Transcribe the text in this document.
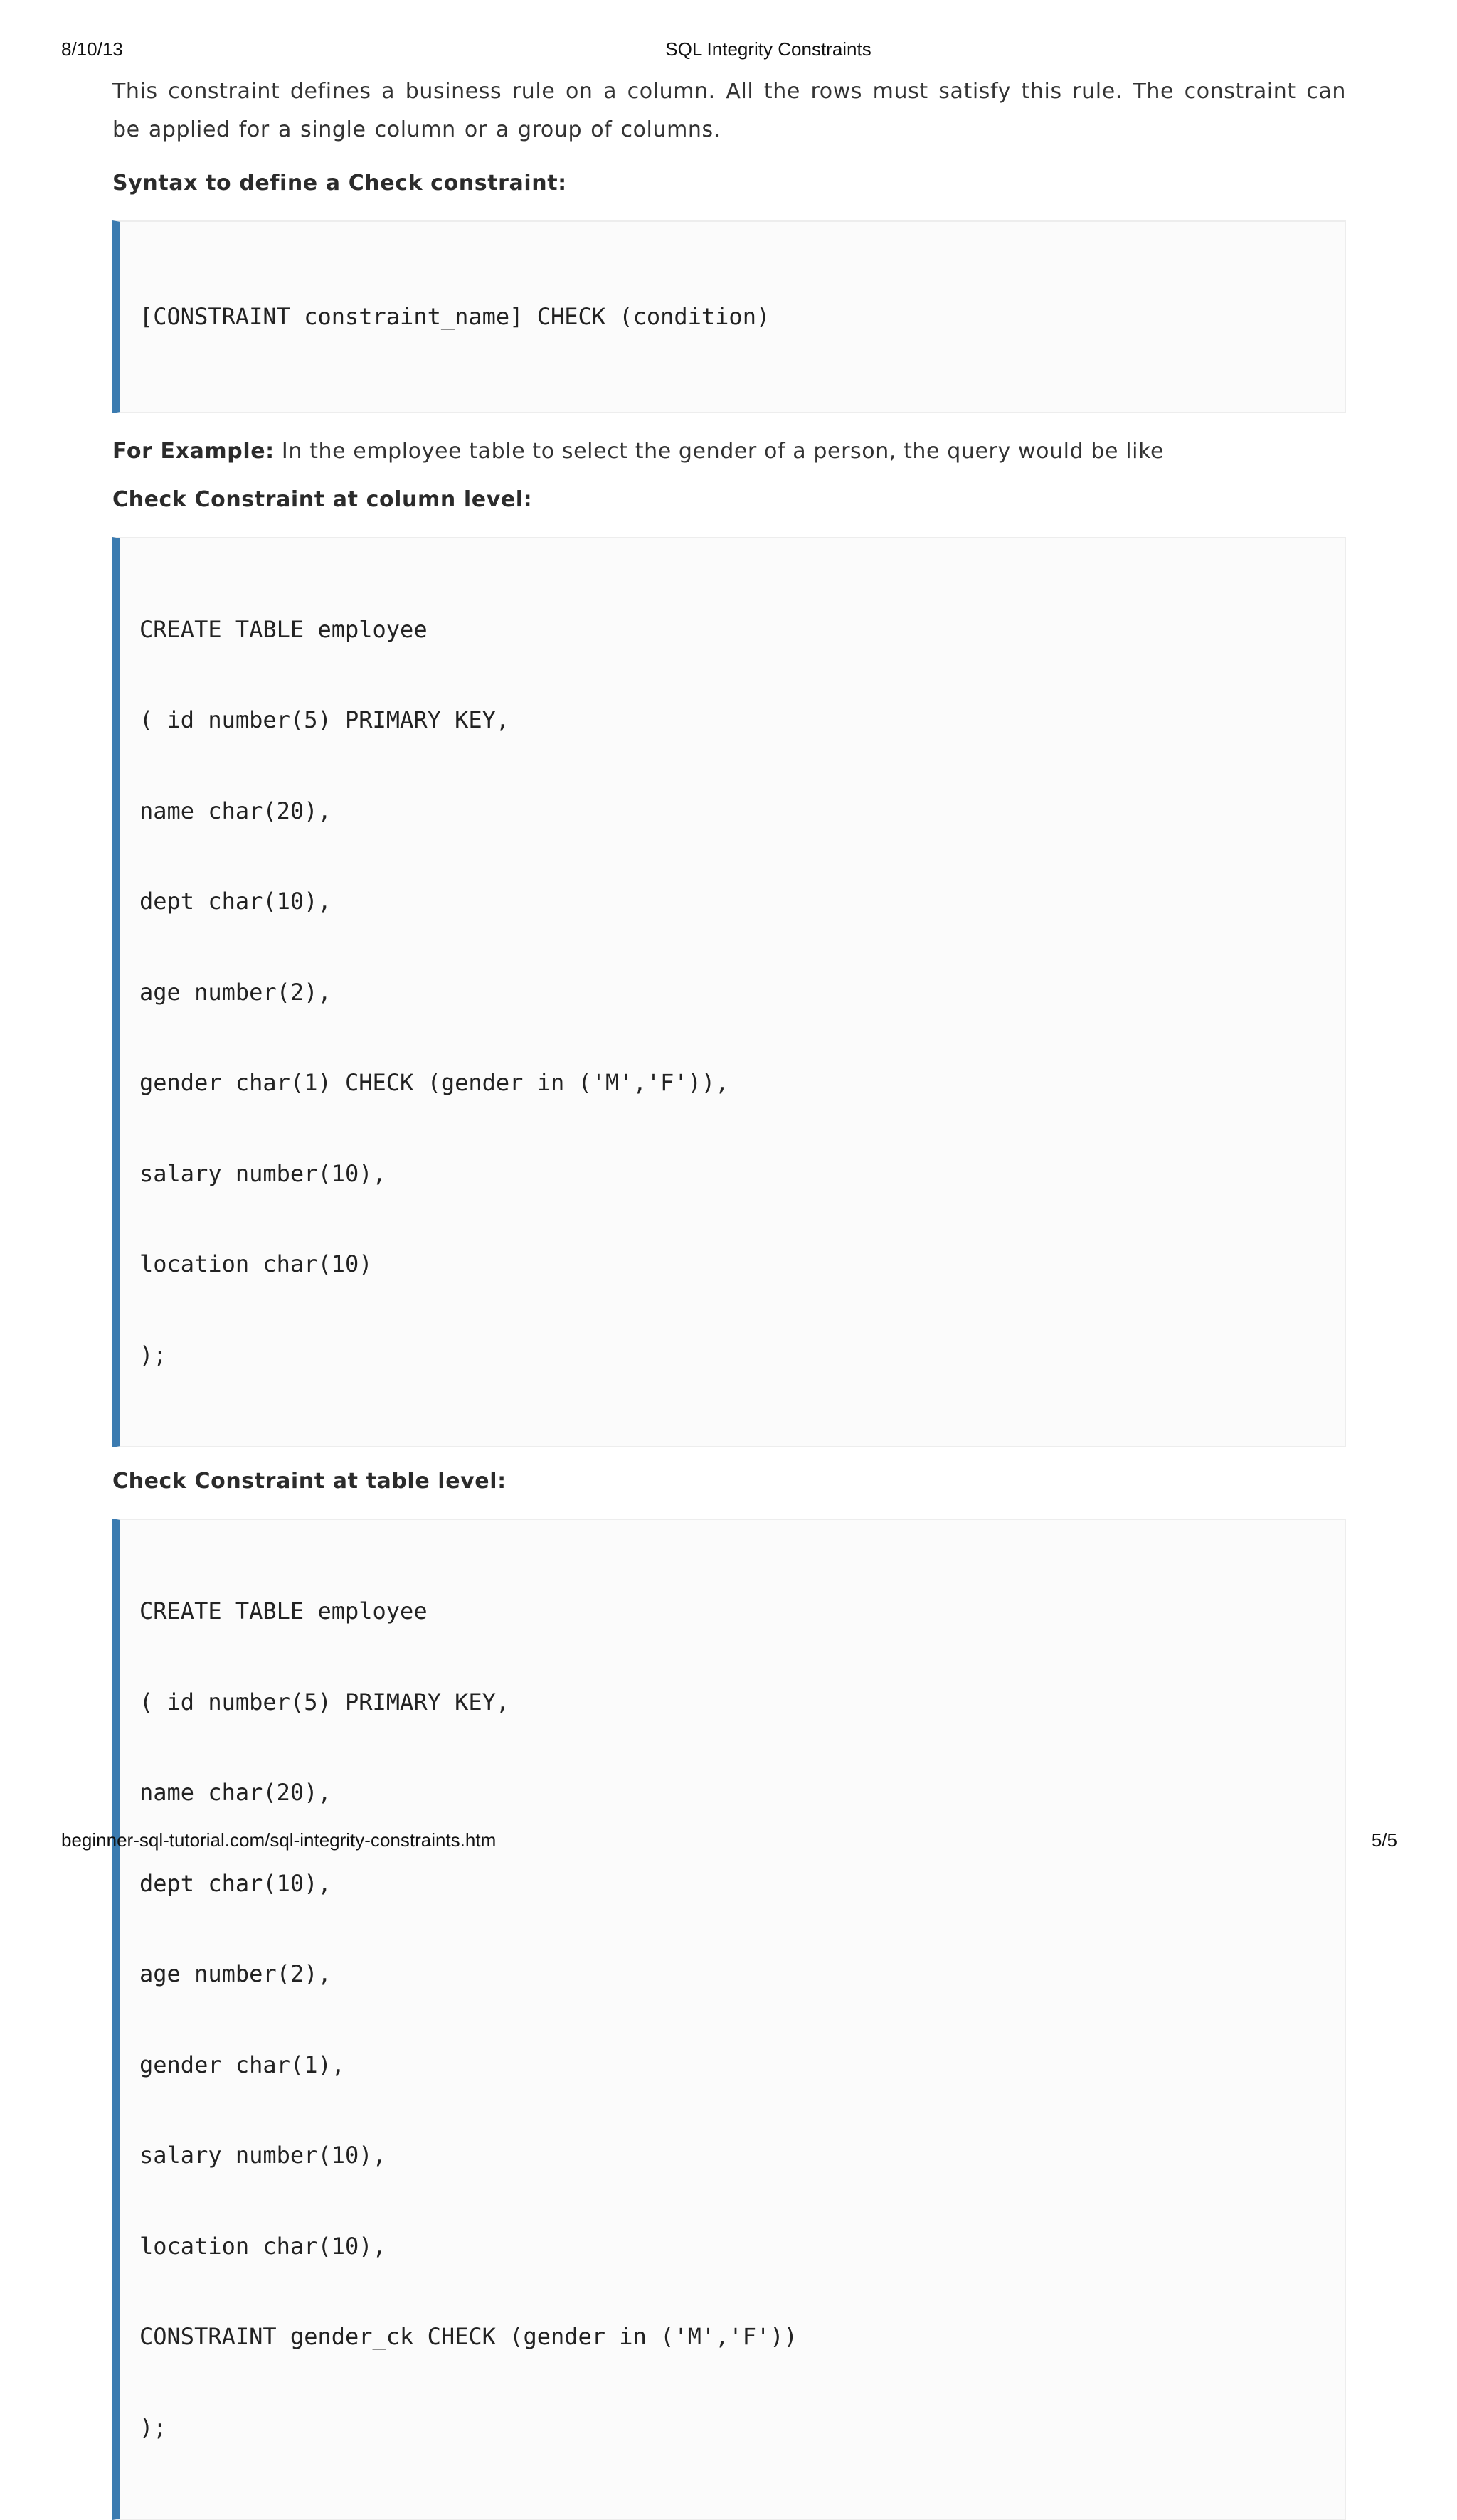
8/10/13	SQL Integrity Constraints

This constraint defines a business rule on a column. All the rows must satisfy this rule. The constraint can be applied for a single column or a group of columns.

Syntax to define a Check constraint:

[CONSTRAINT constraint_name] CHECK (condition)

For Example: In the employee table to select the gender of a person, the query would be like

Check Constraint at column level:

CREATE TABLE employee

( id number(5) PRIMARY KEY,

name char(20),

dept char(10),

age number(2),

gender char(1) CHECK (gender in ('M','F')),

salary number(10),

location char(10)

);

Check Constraint at table level:

CREATE TABLE employee

( id number(5) PRIMARY KEY,

name char(20),

dept char(10),

age number(2),

gender char(1),

salary number(10),

location char(10),

CONSTRAINT gender_ck CHECK (gender in ('M','F'))

);

beginner-sql-tutorial.com/sql-integrity-constraints.htm	5/5
